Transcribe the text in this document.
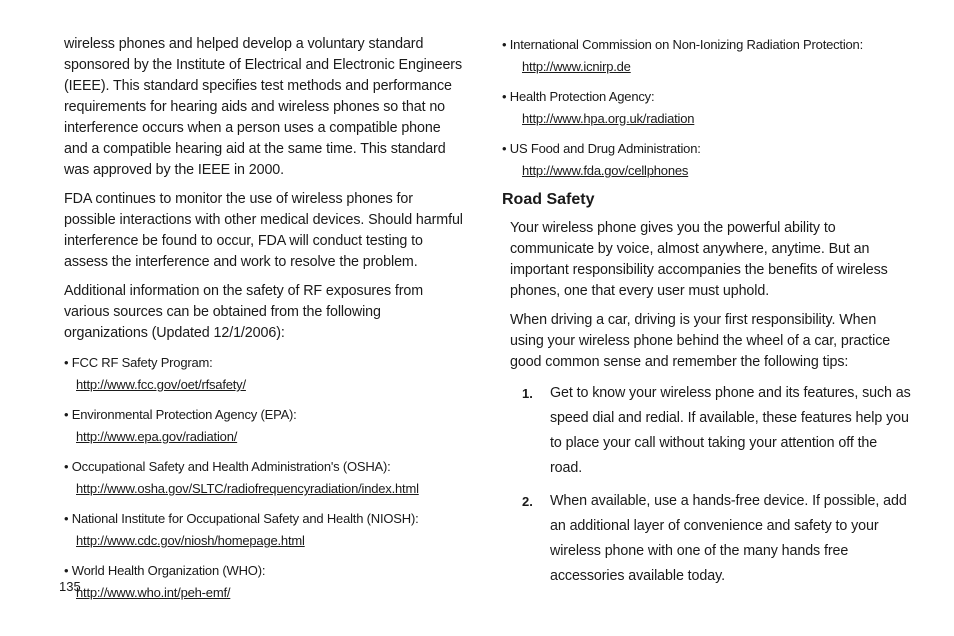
wireless phones and helped develop a voluntary standard sponsored by the Institute of Electrical and Electronic Engineers (IEEE). This standard specifies test methods and performance requirements for hearing aids and wireless phones so that no interference occurs when a person uses a compatible phone and a compatible hearing aid at the same time. This standard was approved by the IEEE in 2000.

FDA continues to monitor the use of wireless phones for possible interactions with other medical devices. Should harmful interference be found to occur, FDA will conduct testing to assess the interference and work to resolve the problem.

Additional information on the safety of RF exposures from various sources can be obtained from the following organizations (Updated 12/1/2006):

• FCC RF Safety Program:
http://www.fcc.gov/oet/rfsafety/
• Environmental Protection Agency (EPA):
http://www.epa.gov/radiation/
• Occupational Safety and Health Administration's (OSHA):
http://www.osha.gov/SLTC/radiofrequencyradiation/index.html
• National Institute for Occupational Safety and Health (NIOSH):
http://www.cdc.gov/niosh/homepage.html
• World Health Organization (WHO):
http://www.who.int/peh-emf/
• International Commission on Non-Ionizing Radiation Protection:
http://www.icnirp.de
• Health Protection Agency:
http://www.hpa.org.uk/radiation
• US Food and Drug Administration:
http://www.fda.gov/cellphones
Road Safety

Your wireless phone gives you the powerful ability to communicate by voice, almost anywhere, anytime. But an important responsibility accompanies the benefits of wireless phones, one that every user must uphold.

When driving a car, driving is your first responsibility. When using your wireless phone behind the wheel of a car, practice good common sense and remember the following tips:

1.	Get to know your wireless phone and its features, such as speed dial and redial. If available, these features help you to place your call without taking your attention off the road.
2.	When available, use a hands-free device. If possible, add an additional layer of convenience and safety to your wireless phone with one of the many hands free accessories available today.
135
